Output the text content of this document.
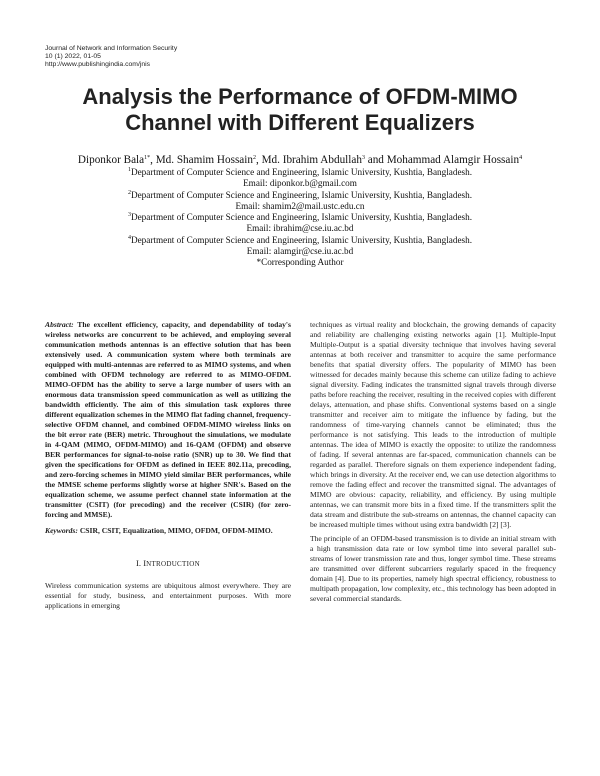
Journal of Network and Information Security
10 (1) 2022, 01-05
http://www.publishingindia.com/jnis
Analysis the Performance of OFDM-MIMO
Channel with Different Equalizers
Diponkor Bala$^{1*}$, Md. Shamim Hossain$^2$, Md. Ibrahim Abdullah$^3$ and Mohammad Alamgir Hossain$^4$
$^1$Department of Computer Science and Engineering, Islamic University, Kushtia, Bangladesh.
Email: diponkor.b@gmail.com
$^2$Department of Computer Science and Engineering, Islamic University, Kushtia, Bangladesh.
Email: shamim2@mail.ustc.edu.cn
$^3$Department of Computer Science and Engineering, Islamic University, Kushtia, Bangladesh.
Email: ibrahim@cse.iu.ac.bd
$^4$Department of Computer Science and Engineering, Islamic University, Kushtia, Bangladesh.
Email: alamgir@cse.iu.ac.bd
*Corresponding Author
Abstract: The excellent efficiency, capacity, and dependability of today's wireless networks are concurrent to be achieved, and employing several communication methods antennas is an effective solution that has been extensively used. A communication system where both terminals are equipped with multi-antennas are referred to as MIMO systems, and when combined with OFDM technology are referred to as MIMO-OFDM. MIMO-OFDM has the ability to serve a large number of users with an enormous data transmission speed communication as well as utilizing the bandwidth efficiently. The aim of this simulation task explores three different equalization schemes in the MIMO flat fading channel, frequency-selective OFDM channel, and combined OFDM-MIMO wireless links on the bit error rate (BER) metric. Throughout the simulations, we modulate in 4-QAM (MIMO, OFDM-MIMO) and 16-QAM (OFDM) and observe BER performances for signal-to-noise ratio (SNR) up to 30. We find that given the specifications for OFDM as defined in IEEE 802.11a, precoding, and zero-forcing schemes in MIMO yield similar BER performances, while the MMSE scheme performs slightly worse at higher SNR's. Based on the equalization scheme, we assume perfect channel state information at the transmitter (CSIT) (for precoding) and the receiver (CSIR) (for zero-forcing and MMSE).
Keywords: CSIR, CSIT, Equalization, MIMO, OFDM, OFDM-MIMO.
I. INTRODUCTION

Wireless communication systems are ubiquitous almost everywhere. They are essential for study, business, and entertainment purposes. With more applications in emerging

techniques as virtual reality and blockchain, the growing demands of capacity and reliability are challenging existing networks again [1]. Multiple-Input Multiple-Output is a spatial diversity technique that involves having several antennas at both receiver and transmitter to acquire the same performance benefits that spatial diversity offers. The popularity of MIMO has been witnessed for decades mainly because this scheme can utilize fading to achieve signal diversity. Fading indicates the transmitted signal travels through diverse paths before reaching the receiver, resulting in the received copies with different delays, attenuation, and phase shifts. Conventional systems based on a single transmitter and receiver aim to mitigate the influence by fading, but the randomness of time-varying channels cannot be eliminated; thus the performance is not satisfying. This leads to the introduction of multiple antennas. The idea of MIMO is exactly the opposite: to utilize the randomness of fading. If several antennas are far-spaced, communication channels can be regarded as parallel. Therefore signals on them experience independent fading, which brings in diversity. At the receiver end, we can use detection algorithms to remove the fading effect and recover the transmitted signal. The advantages of MIMO are obvious: capacity, reliability, and efficiency. By using multiple antennas, we can transmit more bits in a fixed time. If the transmitters split the data stream and distribute the sub-streams on antennas, the channel capacity can be increased multiple times without using extra bandwidth [2] [3].

The principle of an OFDM-based transmission is to divide an initial stream with a high transmission data rate or low symbol time into several parallel sub-streams of lower transmission rate and thus, longer symbol time. These streams are transmitted over different subcarriers regularly spaced in the frequency domain [4]. Due to its properties, namely high spectral efficiency, robustness to multipath propagation, low complexity, etc., this technology has been adopted in several commercial standards.
